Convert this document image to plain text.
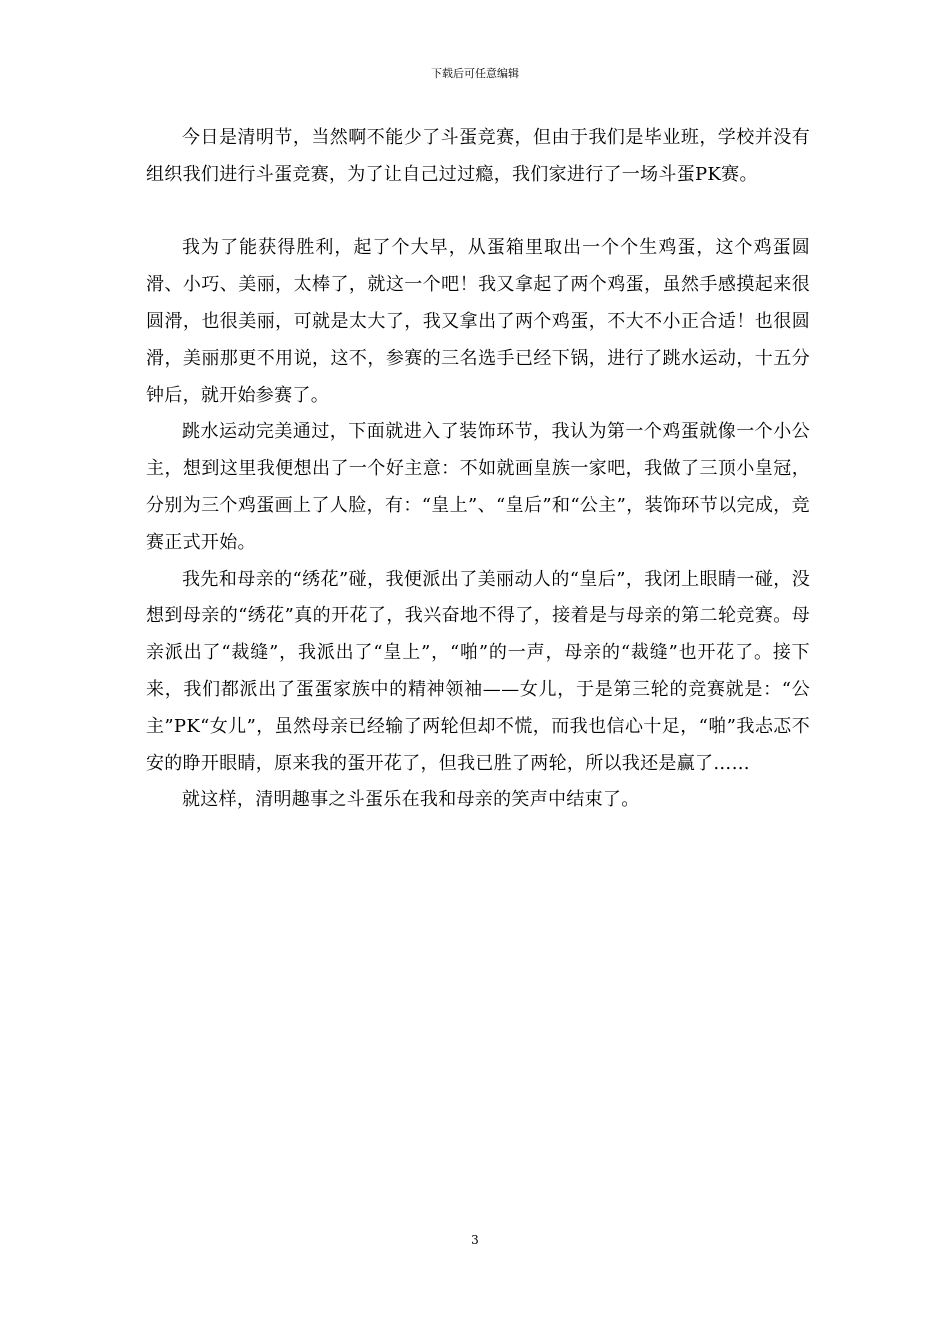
下载后可任意编辑

今日是清明节，当然啊不能少了斗蛋竞赛，但由于我们是毕业班，学校并没有组织我们进行斗蛋竞赛，为了让自己过过瘾，我们家进行了一场斗蛋PK赛。

我为了能获得胜利，起了个大早，从蛋箱里取出一个个生鸡蛋，这个鸡蛋圆滑、小巧、美丽，太棒了，就这一个吧！我又拿起了两个鸡蛋，虽然手感摸起来很圆滑，也很美丽，可就是太大了，我又拿出了两个鸡蛋，不大不小正合适！也很圆滑，美丽那更不用说，这不，参赛的三名选手已经下锅，进行了跳水运动，十五分钟后，就开始参赛了。

跳水运动完美通过，下面就进入了装饰环节，我认为第一个鸡蛋就像一个小公主，想到这里我便想出了一个好主意：不如就画皇族一家吧，我做了三顶小皇冠，分别为三个鸡蛋画上了人脸，有：“皇上”、“皇后”和“公主”，装饰环节以完成，竞赛正式开始。

我先和母亲的“绣花”碰，我便派出了美丽动人的“皇后”，我闭上眼睛一碰，没想到母亲的“绣花”真的开花了，我兴奋地不得了，接着是与母亲的第二轮竞赛。母亲派出了“裁缝”，我派出了“皇上”，“啪”的一声，母亲的“裁缝”也开花了。接下来，我们都派出了蛋蛋家族中的精神领袖——女儿，于是第三轮的竞赛就是：“公主”PK“女儿”，虽然母亲已经输了两轮但却不慌，而我也信心十足，“啪”我忐忑不安的睁开眼睛，原来我的蛋开花了，但我已胜了两轮，所以我还是赢了……

就这样，清明趣事之斗蛋乐在我和母亲的笑声中结束了。

3
